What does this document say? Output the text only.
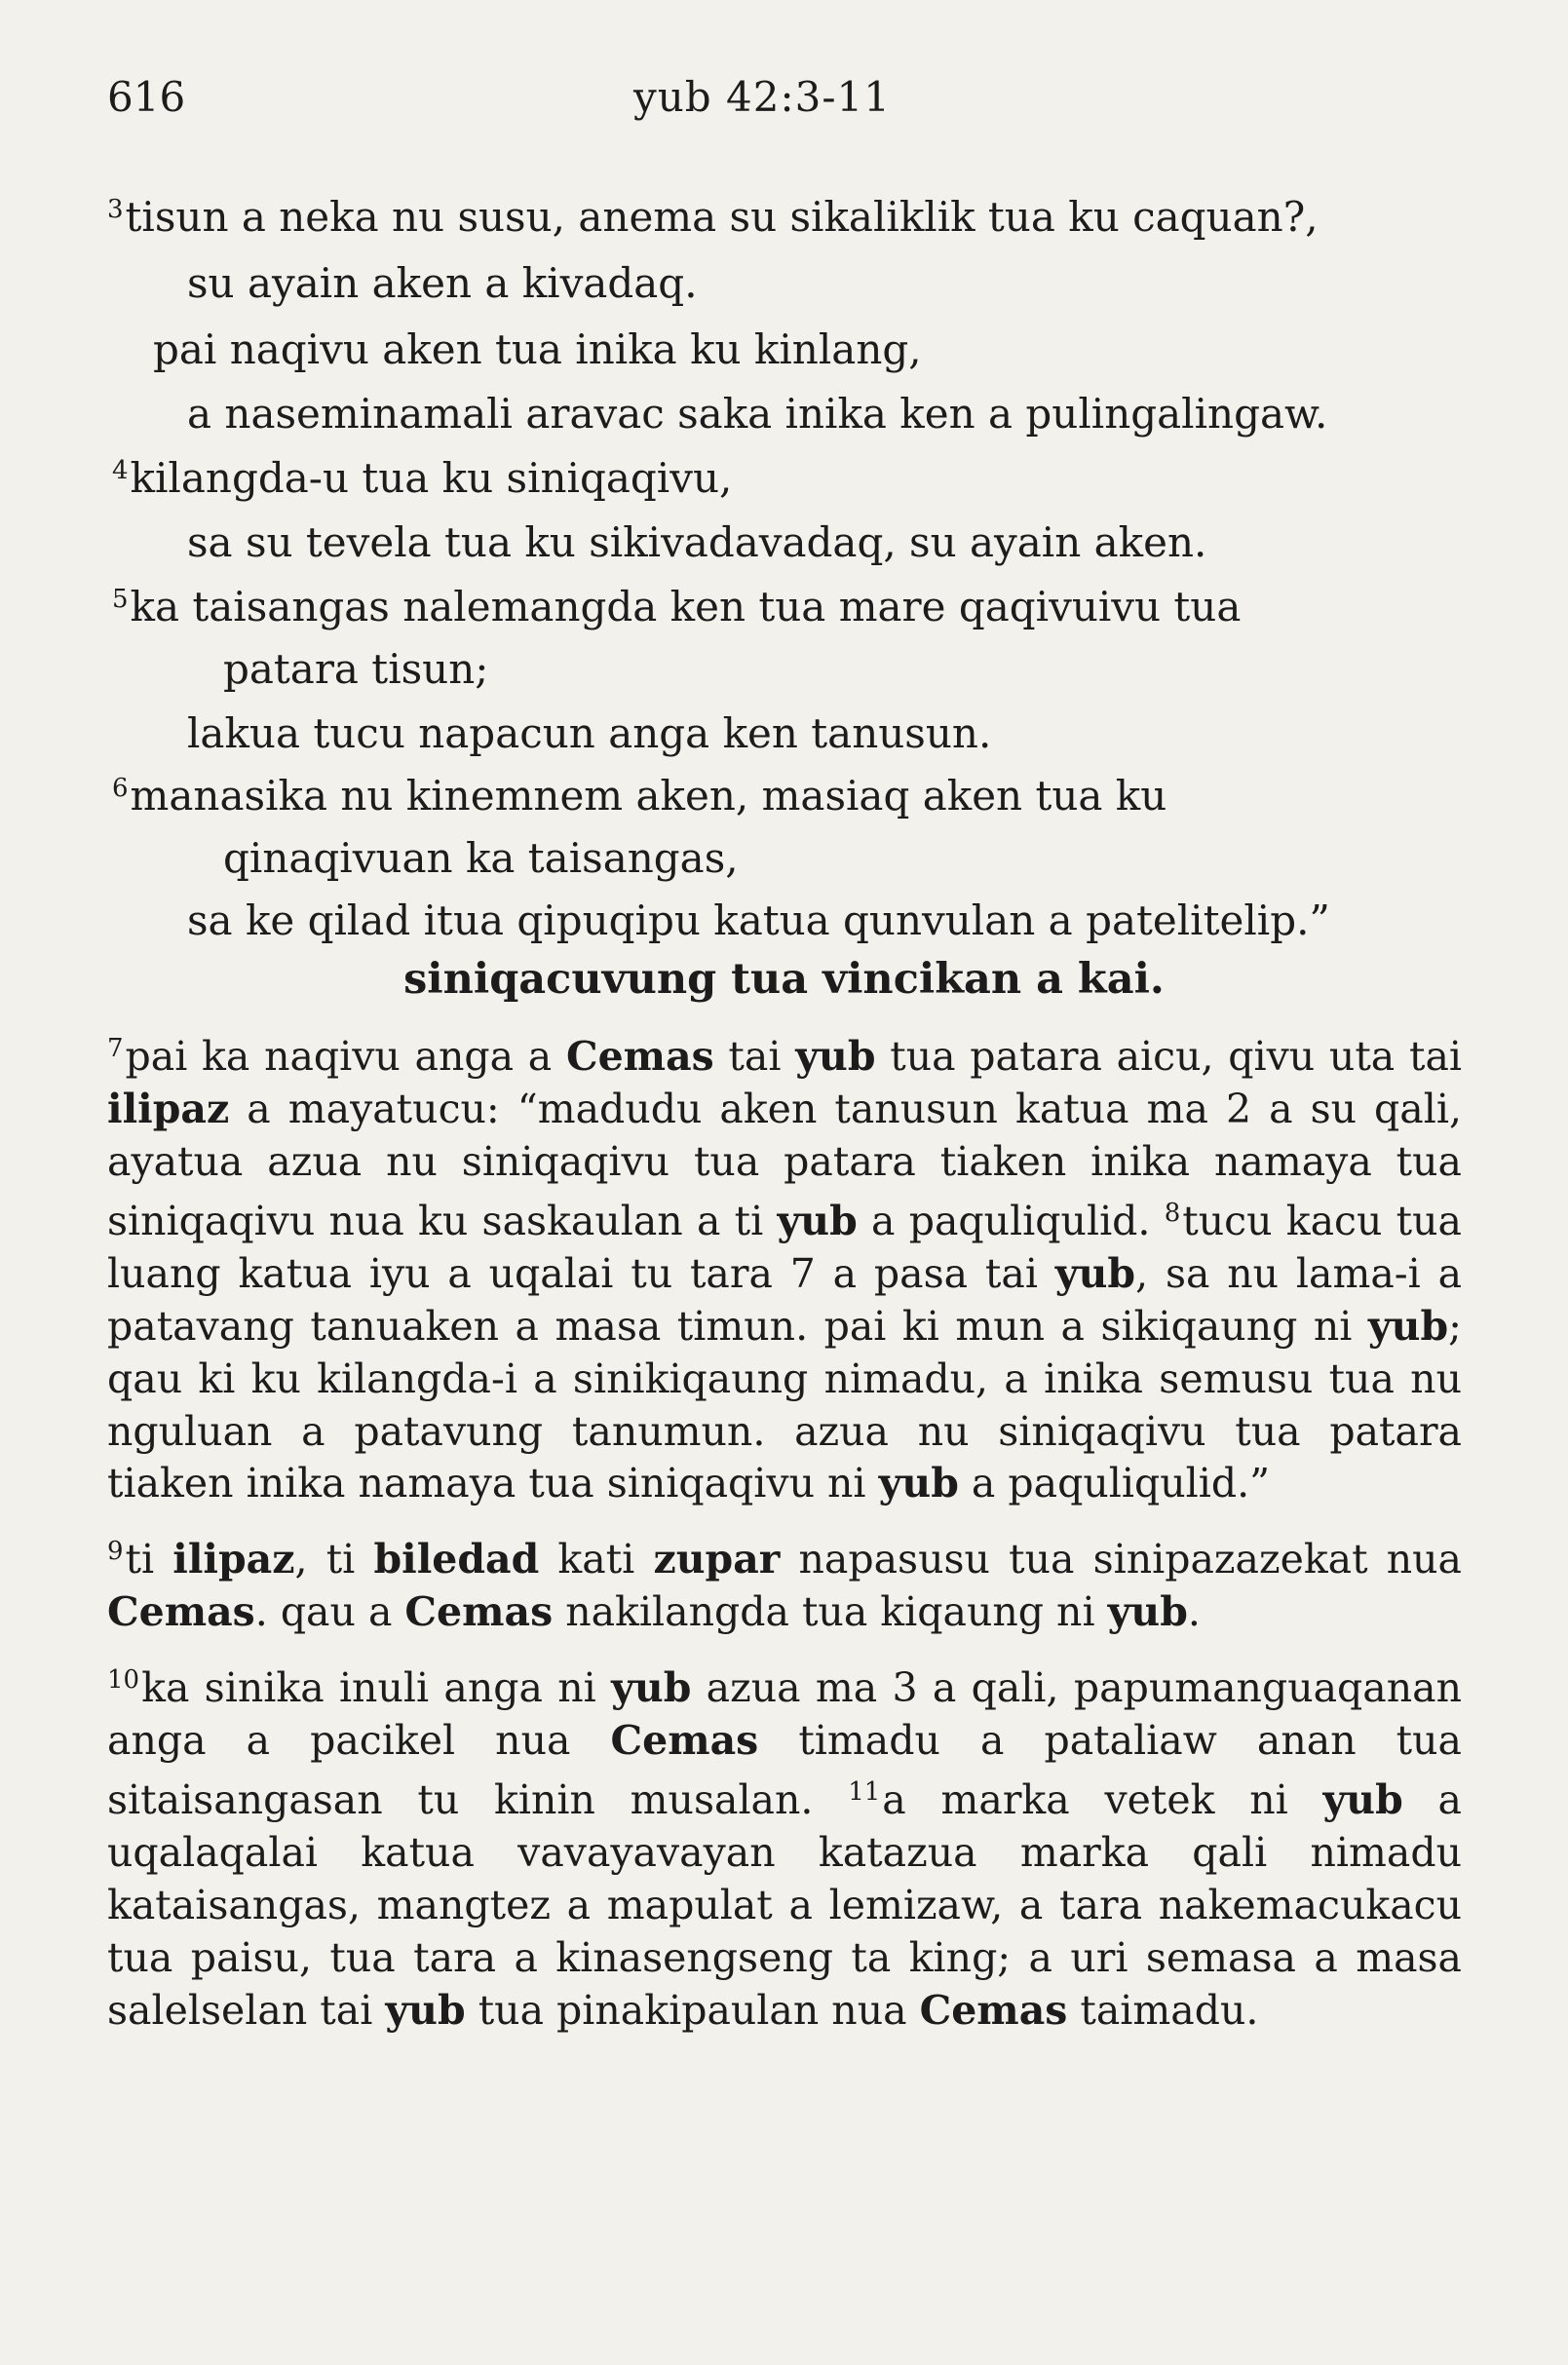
616	yub 42:3-11
$^3$tisun a neka nu susu, anema su sikaliklik tua ku caquan?,
su ayain aken a kivadaq.
pai naqivu aken tua inika ku kinlang,
a naseminamali aravac saka inika ken a pulingalingaw.
$^4$kilangda-u tua ku siniqaqivu,
sa su tevela tua ku sikivadavadaq, su ayain aken.
$^5$ka taisangas nalemangda ken tua mare qaqivuivu tua
patara tisun;
lakua tucu napacun anga ken tanusun.
$^6$manasika nu kinemnem aken, masiaq aken tua ku
qinaqivuan ka taisangas,
sa ke qilad itua qipuqipu katua qunvulan a patelitelip.”
siniqacuvung tua vincikan a kai.

$^7$pai ka naqivu anga a Cemas tai yub tua patara aicu, qivu uta tai ilipaz a mayatucu: “madudu aken tanusun katua ma 2 a su qali, ayatua azua nu siniqaqivu tua patara tiaken inika namaya tua siniqaqivu nua ku saskaulan a ti yub a paquliqulid. $^8$tucu kacu tua luang katua iyu a uqalai tu tara 7 a pasa tai yub, sa nu lama-i a patavang tanuaken a masa timun. pai ki mun a sikiqaung ni yub; qau ki ku kilangda-i a sinikiqaung nimadu, a inika semusu tua nu nguluan a patavung tanumun. azua nu siniqaqivu tua patara tiaken inika namaya tua siniqaqivu ni yub a paquliqulid.”

$^9$ti ilipaz, ti biledad kati zupar napasusu tua sinipazazekat nua Cemas. qau a Cemas nakilangda tua kiqaung ni yub.

$^{10}$ka sinika inuli anga ni yub azua ma 3 a qali, papumanguaqanan anga a pacikel nua Cemas timadu a pataliaw anan tua sitaisangasan tu kinin musalan. $^{11}$a marka vetek ni yub a uqalaqalai katua vavayavayan katazua marka qali nimadu kataisangas, mangtez a mapulat a lemizaw, a tara nakemacukacu tua paisu, tua tara a kinasengseng ta king; a uri semasa a masa salelselan tai yub tua pinakipaulan nua Cemas taimadu.
